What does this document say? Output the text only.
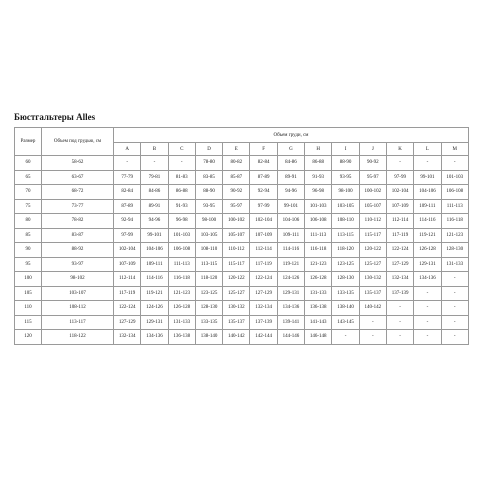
Бюстгальтеры Alles
Размер	Объем под грудью, см	Объем груди, см												
		A	B	C	D	E	F	G	H	I	J	K	L	M
60	58-62	-	-	-	78-80	80-82	82-84	84-86	86-88	88-90	90-92	-	-	-
65	63-67	77-79	79-81	81-83	83-85	85-87	87-89	89-91	91-93	93-95	95-97	97-99	99-101	101-103
70	68-72	82-84	84-86	86-88	88-90	90-92	92-94	94-96	96-98	98-100	100-102	102-104	104-106	106-108
75	73-77	87-89	89-91	91-93	93-95	95-97	97-99	99-101	101-103	103-105	105-107	107-109	109-111	111-113
80	78-82	92-94	94-96	96-98	98-100	100-102	102-104	104-106	106-108	108-110	110-112	112-114	114-116	116-118
85	83-87	97-99	99-101	101-103	103-105	105-107	107-109	109-111	111-113	113-115	115-117	117-119	119-121	121-123
90	88-92	102-104	104-106	106-108	108-110	110-112	112-114	114-116	116-118	118-120	120-122	122-124	126-128	128-130
95	93-97	107-109	109-111	111-113	113-115	115-117	117-119	119-121	121-123	123-125	125-127	127-129	129-131	131-133
100	98-102	112-114	114-116	116-118	118-120	120-122	122-124	124-126	126-128	128-130	130-132	132-134	134-136	-
105	103-107	117-119	119-121	121-123	123-125	125-127	127-129	129-131	131-133	133-135	135-137	137-139	-	-
110	108-112	122-124	124-126	126-128	128-130	130-132	132-134	134-136	136-138	138-140	140-142	-	-	-
115	113-117	127-129	129-131	131-133	133-135	135-137	137-139	139-141	141-143	143-145	-	-	-	-
120	118-122	132-134	134-136	136-138	138-140	140-142	142-144	144-146	146-148	-	-	-	-	-
